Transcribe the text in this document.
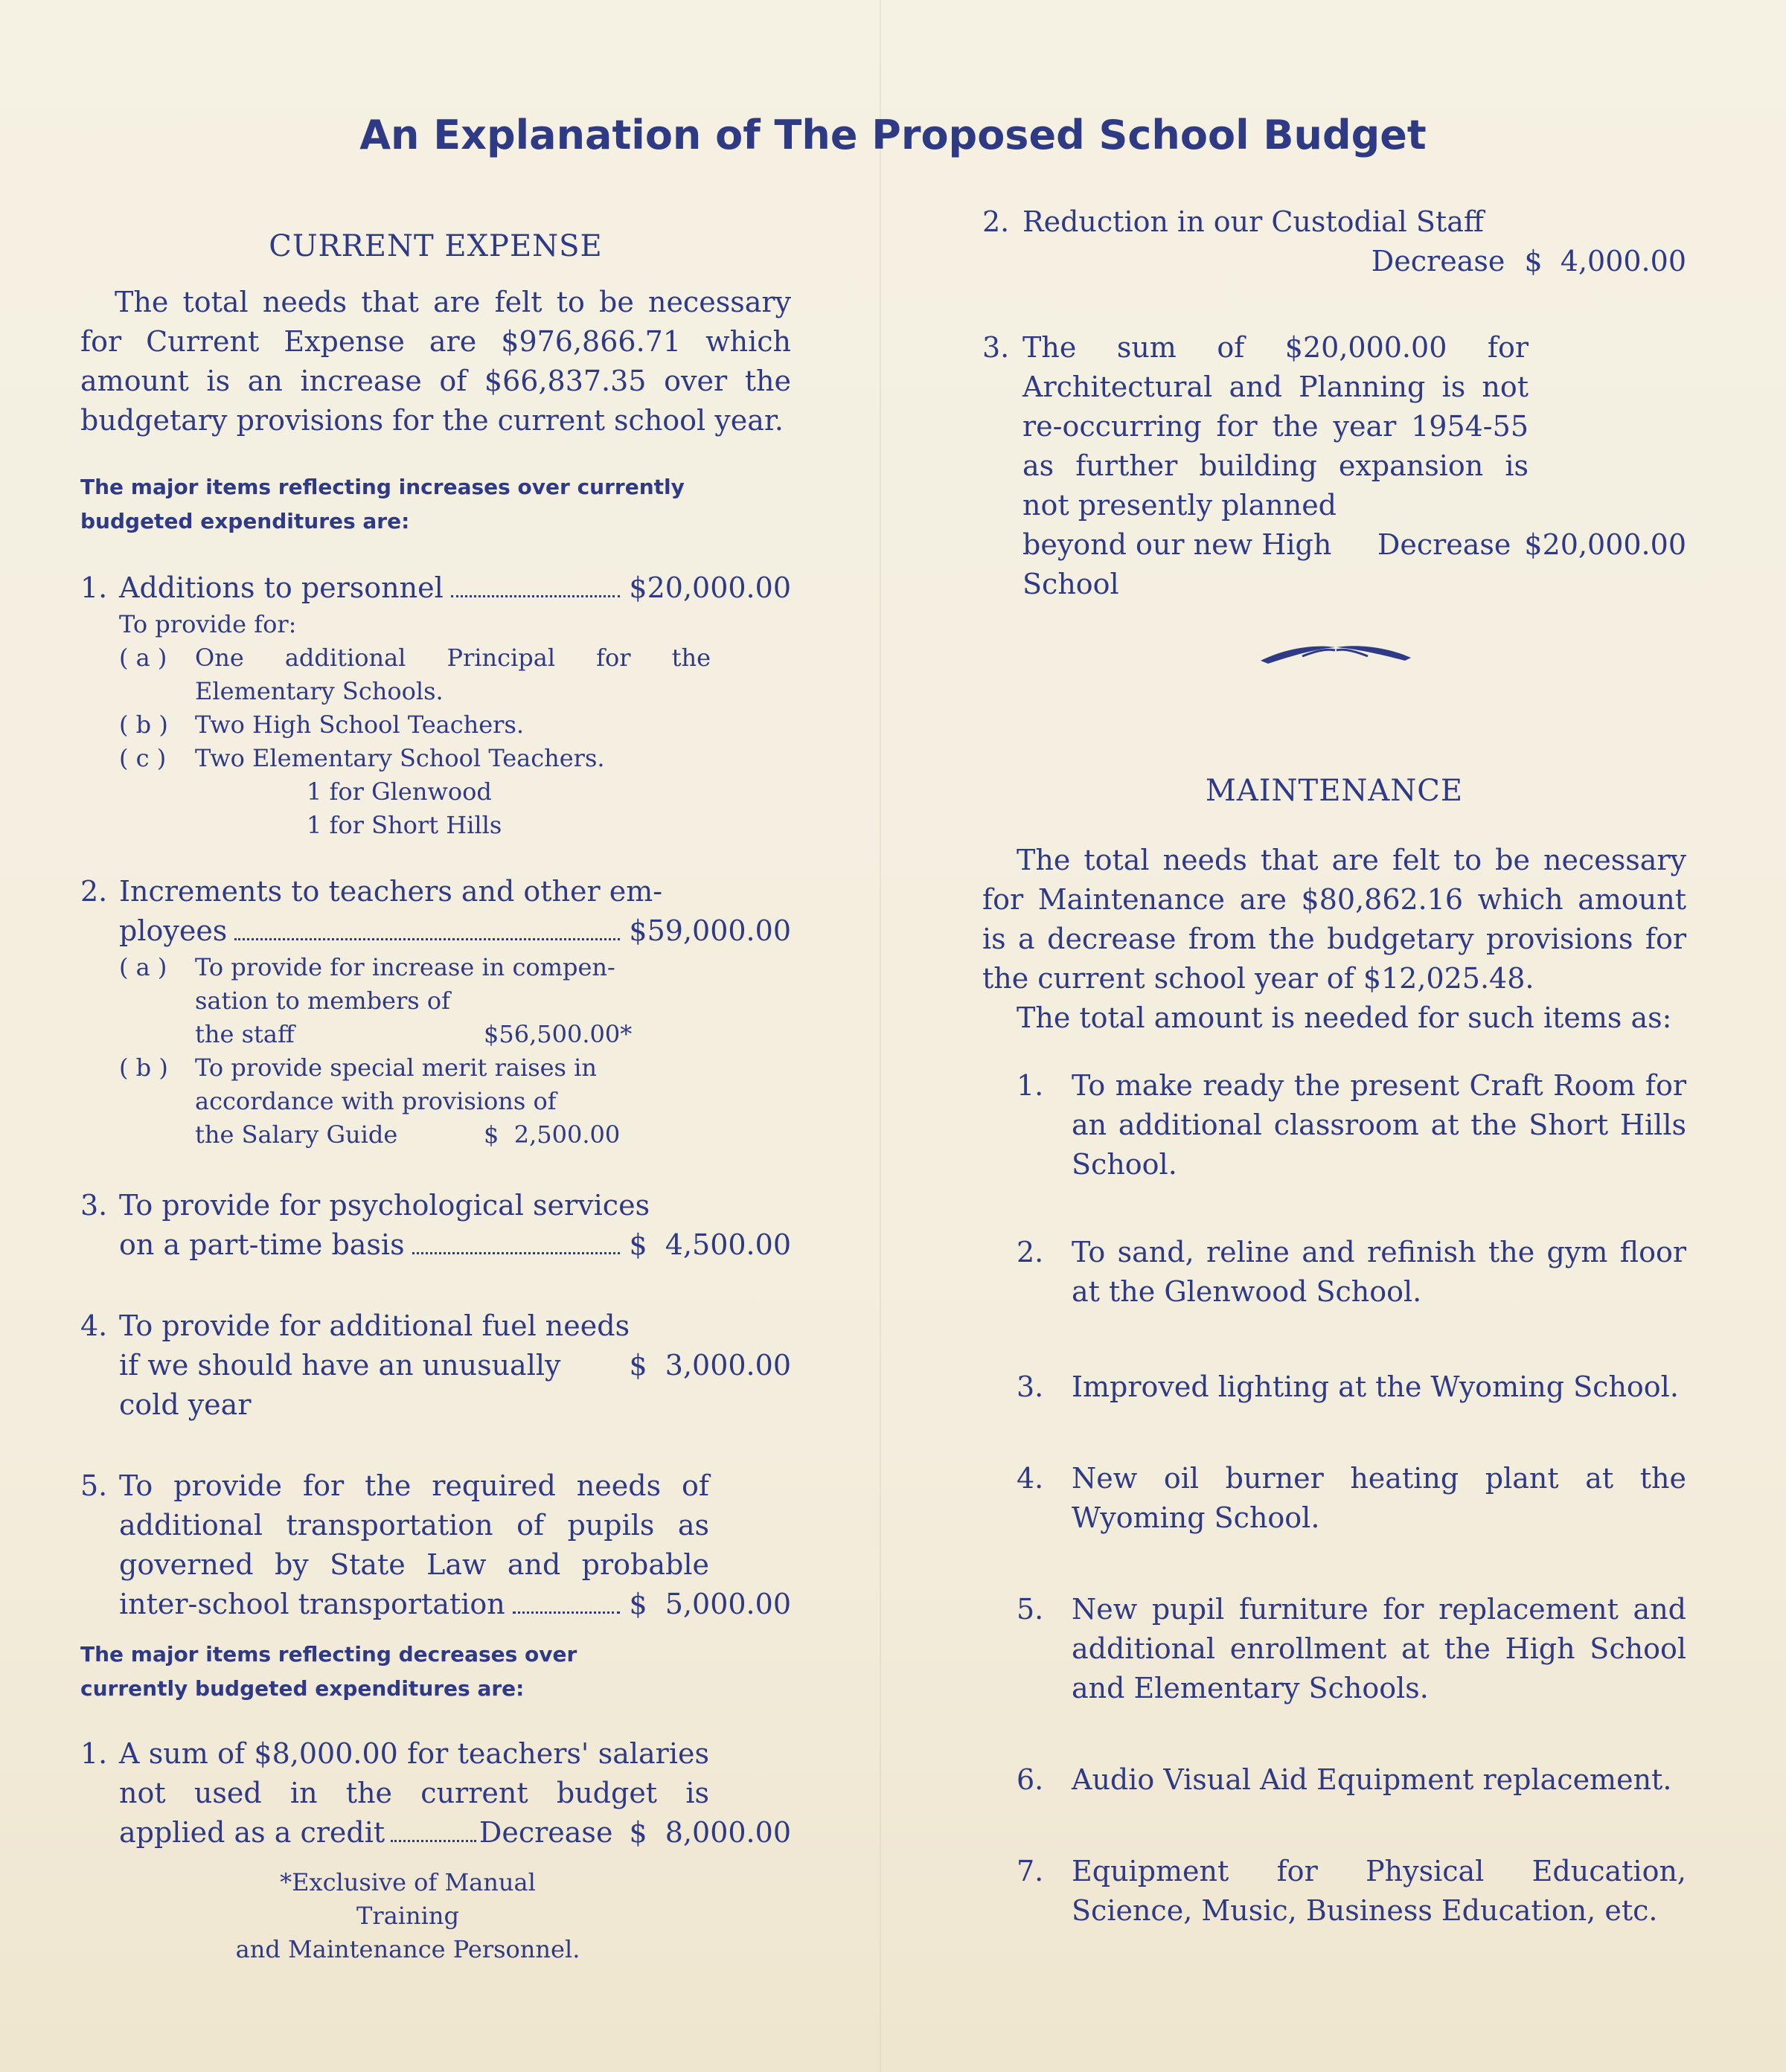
An Explanation of The Proposed School Budget
CURRENT EXPENSE
The total needs that are felt to be necessary for Current Expense are $976,866.71 which amount is an increase of $66,837.35 over the budgetary provisions for the current school year.
The major items reflecting increases over currently budgeted expenditures are:
1. Additions to personnel	$20,000.00
To provide for:
( a )	One additional Principal for the Elementary Schools.
( b )	Two High School Teachers.
( c )	Two Elementary School Teachers.
1 for Glenwood
1 for Short Hills
2. Increments to teachers and other em-
ployees	$59,000.00
( a )	To provide for increase in compen-
sation to members of
the staff	$56,500.00*
( b )	To provide special merit raises in
accordance with provisions of
the Salary Guide	$  2,500.00
3. To provide for psychological services
on a part-time basis	$  4,500.00
4. To provide for additional fuel needs
if we should have an unusually cold year
$  3,000.00
5. To provide for the required needs of additional transportation of pupils as governed by State Law and probable
inter-school transportation	$  5,000.00
The major items reflecting decreases over currently budgeted expenditures are:
1. A sum of $8,000.00 for teachers' salaries not used in the current budget is
applied as a credit	Decrease $  8,000.00
*Exclusive of Manual Training
and Maintenance Personnel.
2. Reduction in our Custodial Staff
Decrease $  4,000.00
3. The sum of $20,000.00 for Architectural and Planning is not re-occurring for the year 1954-55 as further building expansion is not presently planned
beyond our new High School
Decrease $20,000.00
MAINTENANCE
The total needs that are felt to be necessary for Maintenance are $80,862.16 which amount is a decrease from the budgetary provisions for the current school year of $12,025.48.
The total amount is needed for such items as:
1. To make ready the present Craft Room for an additional classroom at the Short Hills School.
2. To sand, reline and refinish the gym floor at the Glenwood School.
3. Improved lighting at the Wyoming School.
4. New oil burner heating plant at the Wyoming School.
5. New pupil furniture for replacement and additional enrollment at the High School and Elementary Schools.
6. Audio Visual Aid Equipment replacement.
7. Equipment for Physical Education, Science, Music, Business Education, etc.
